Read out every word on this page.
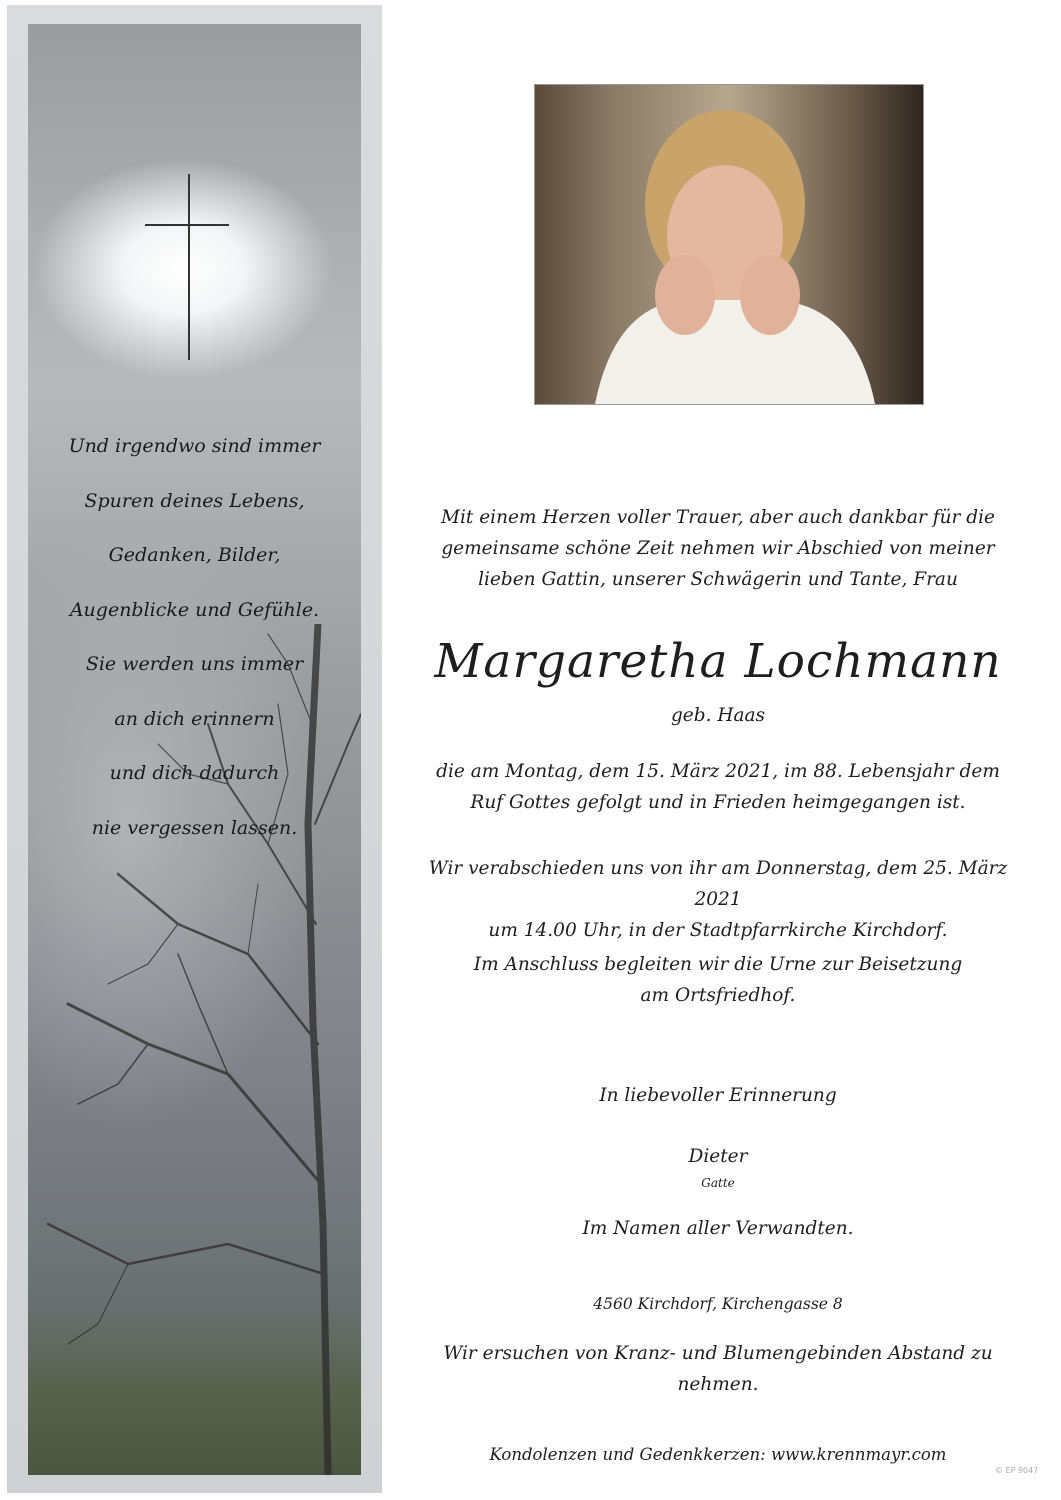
Und irgendwo sind immer
Spuren deines Lebens,
Gedanken, Bilder,
Augenblicke und Gefühle.
Sie werden uns immer
an dich erinnern
und dich dadurch
nie vergessen lassen.
Mit einem Herzen voller Trauer, aber auch dankbar für die
gemeinsame schöne Zeit nehmen wir Abschied von meiner
lieben Gattin, unserer Schwägerin und Tante, Frau
Margaretha Lochmann
geb. Haas
die am Montag, dem 15. März 2021, im 88. Lebensjahr dem
Ruf Gottes gefolgt und in Frieden heimgegangen ist.
Wir verabschieden uns von ihr am Donnerstag, dem 25. März 2021
um 14.00 Uhr, in der Stadtpfarrkirche Kirchdorf.
Im Anschluss begleiten wir die Urne zur Beisetzung
am Ortsfriedhof.
In liebevoller Erinnerung
Dieter
Gatte
Im Namen aller Verwandten.
4560 Kirchdorf, Kirchengasse 8
Wir ersuchen von Kranz- und Blumengebinden Abstand zu nehmen.
Kondolenzen und Gedenkkerzen: www.krennmayr.com
© EP 9047
